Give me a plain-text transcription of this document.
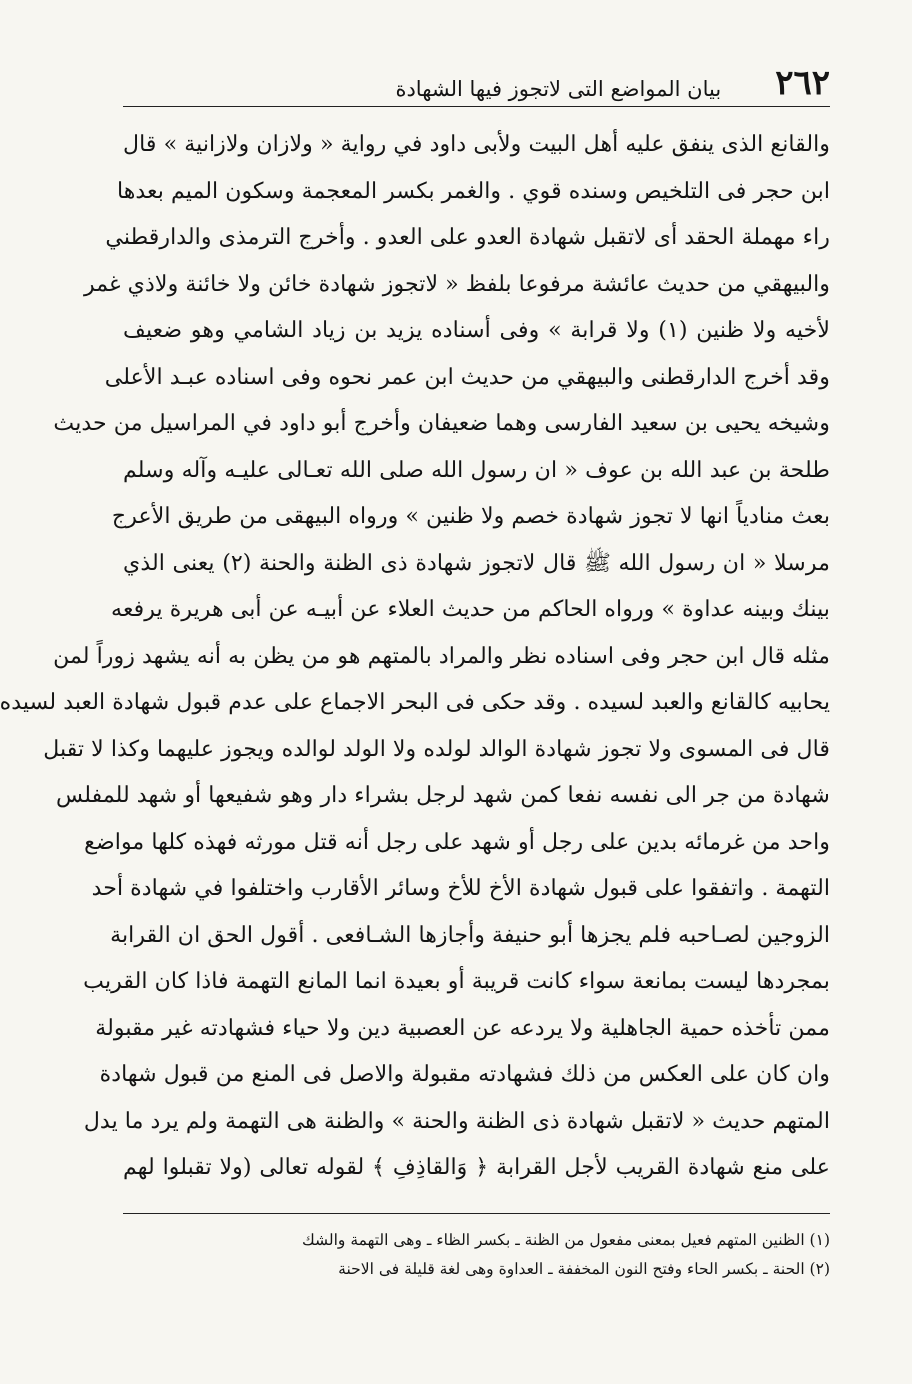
٢٦٢
بيان المواضع التى لاتجوز فيها الشهادة
والقانع الذى ينفق عليه أهل البيت ولأبى داود في رواية « ولازان ولازانية » قال
ابن حجر فى التلخيص وسنده قوي . والغمر بكسر المعجمة وسكون الميم بعدها
راء مهملة الحقد أى لاتقبل شهادة العدو على العدو . وأخرج الترمذى والدارقطني
والبيهقي من حديث عائشة مرفوعا بلفظ « لاتجوز شهادة خائن ولا خائنة ولاذي غمر
لأخيه ولا ظنين (١) ولا قرابة » وفى أسناده يزيد بن زياد الشامي وهو ضعيف
وقد أخرج الدارقطنى والبيهقي من حديث ابن عمر نحوه وفى اسناده عبـد الأعلى
وشيخه يحيى بن سعيد الفارسى وهما ضعيفان وأخرج أبو داود في المراسيل من حديث
طلحة بن عبد الله بن عوف « ان رسول الله صلى الله تعـالى عليـه وآله وسلم
بعث منادياً انها لا تجوز شهادة خصم ولا ظنين » ورواه البيهقى من طريق الأعرج
مرسلا « ان رسول الله ﷺ قال لاتجوز شهادة ذى الظنة والحنة (٢) يعنى الذي
بينك وبينه عداوة » ورواه الحاكم من حديث العلاء عن أبيـه عن أبى هريرة يرفعه
مثله قال ابن حجر وفى اسناده نظر والمراد بالمتهم هو من يظن به أنه يشهد زوراً لمن
يحابيه كالقانع والعبد لسيده . وقد حكى فى البحر الاجماع على عدم قبول شهادة العبد لسيده
قال فى المسوى ولا تجوز شهادة الوالد لولده ولا الولد لوالده ويجوز عليهما وكذا لا تقبل
شهادة من جر الى نفسه نفعا كمن شهد لرجل بشراء دار وهو شفيعها أو شهد للمفلس
واحد من غرمائه بدين على رجل أو شهد على رجل أنه قتل مورثه فهذه كلها مواضع
التهمة . واتفقوا على قبول شهادة الأخ للأخ وسائر الأقارب واختلفوا في شهادة أحد
الزوجين لصـاحبه فلم يجزها أبو حنيفة وأجازها الشـافعى . أقول الحق ان القرابة
بمجردها ليست بمانعة سواء كانت قريبة أو بعيدة انما المانع التهمة فاذا كان القريب
ممن تأخذه حمية الجاهلية ولا يردعه عن العصبية دين ولا حياء فشهادته غير مقبولة
وان كان على العكس من ذلك فشهادته مقبولة والاصل فى المنع من قبول شهادة
المتهم حديث « لاتقبل شهادة ذى الظنة والحنة » والظنة هى التهمة ولم يرد ما يدل
على منع شهادة القريب لأجل القرابة ﴿ وَالقاذِفِ ﴾ لقوله تعالى (ولا تقبلوا لهم
(١) الظنين المتهم فعيل بمعنى مفعول من الظنة ـ بكسر الظاء ـ وهى التهمة والشك
(٢) الحنة ـ بكسر الحاء وفتح النون المخففة ـ العداوة وهى لغة قليلة فى الاحنة
